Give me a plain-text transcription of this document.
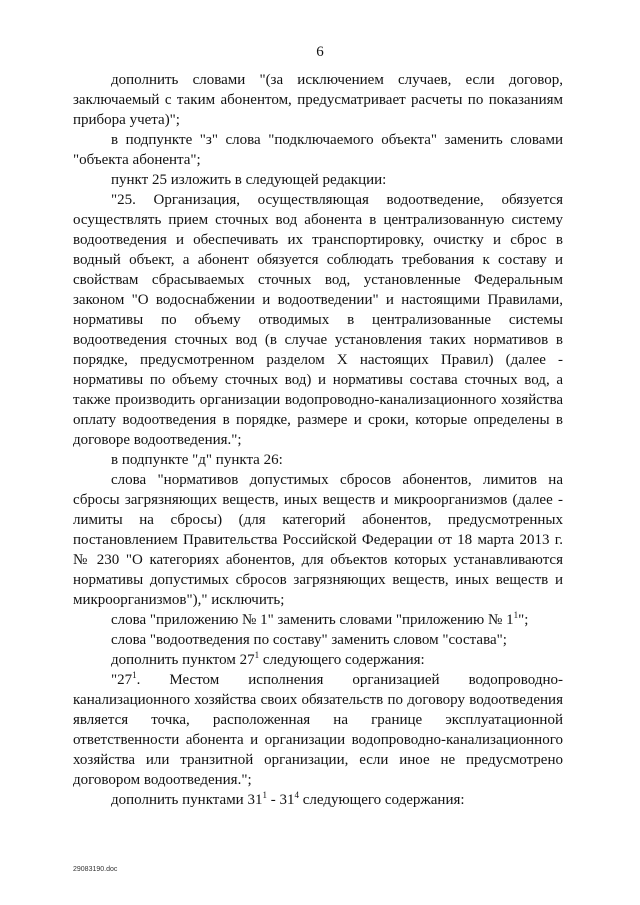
6

дополнить словами "(за исключением случаев, если договор, заключаемый с таким абонентом, предусматривает расчеты по показаниям прибора учета)";

в подпункте "з" слова "подключаемого объекта" заменить словами "объекта абонента";

пункт 25 изложить в следующей редакции:

"25. Организация, осуществляющая водоотведение, обязуется осуществлять прием сточных вод абонента в централизованную систему водоотведения и обеспечивать их транспортировку, очистку и сброс в водный объект, а абонент обязуется соблюдать требования к составу и свойствам сбрасываемых сточных вод, установленные Федеральным законом "О водоснабжении и водоотведении" и настоящими Правилами, нормативы по объему отводимых в централизованные системы водоотведения сточных вод (в случае установления таких нормативов в порядке, предусмотренном разделом X настоящих Правил) (далее - нормативы по объему сточных вод) и нормативы состава сточных вод, а также производить организации водопроводно-канализационного хозяйства оплату водоотведения в порядке, размере и сроки, которые определены в договоре водоотведения.";

в подпункте "д" пункта 26:

слова "нормативов допустимых сбросов абонентов, лимитов на сбросы загрязняющих веществ, иных веществ и микроорганизмов (далее - лимиты на сбросы) (для категорий абонентов, предусмотренных постановлением Правительства Российской Федерации от 18 марта 2013 г. № 230 "О категориях абонентов, для объектов которых устанавливаются нормативы допустимых сбросов загрязняющих веществ, иных веществ и микроорганизмов")," исключить;

слова "приложению № 1" заменить словами "приложению № $1^1$";

слова "водоотведения по составу" заменить словом "состава";

дополнить пунктом $27^1$ следующего содержания:

"$27^1$. Местом исполнения организацией водопроводно-канализационного хозяйства своих обязательств по договору водоотведения является точка, расположенная на границе эксплуатационной ответственности абонента и организации водопроводно-канализационного хозяйства или транзитной организации, если иное не предусмотрено договором водоотведения.";

дополнить пунктами $31^1 - 31^4$ следующего содержания:

29083190.doc
